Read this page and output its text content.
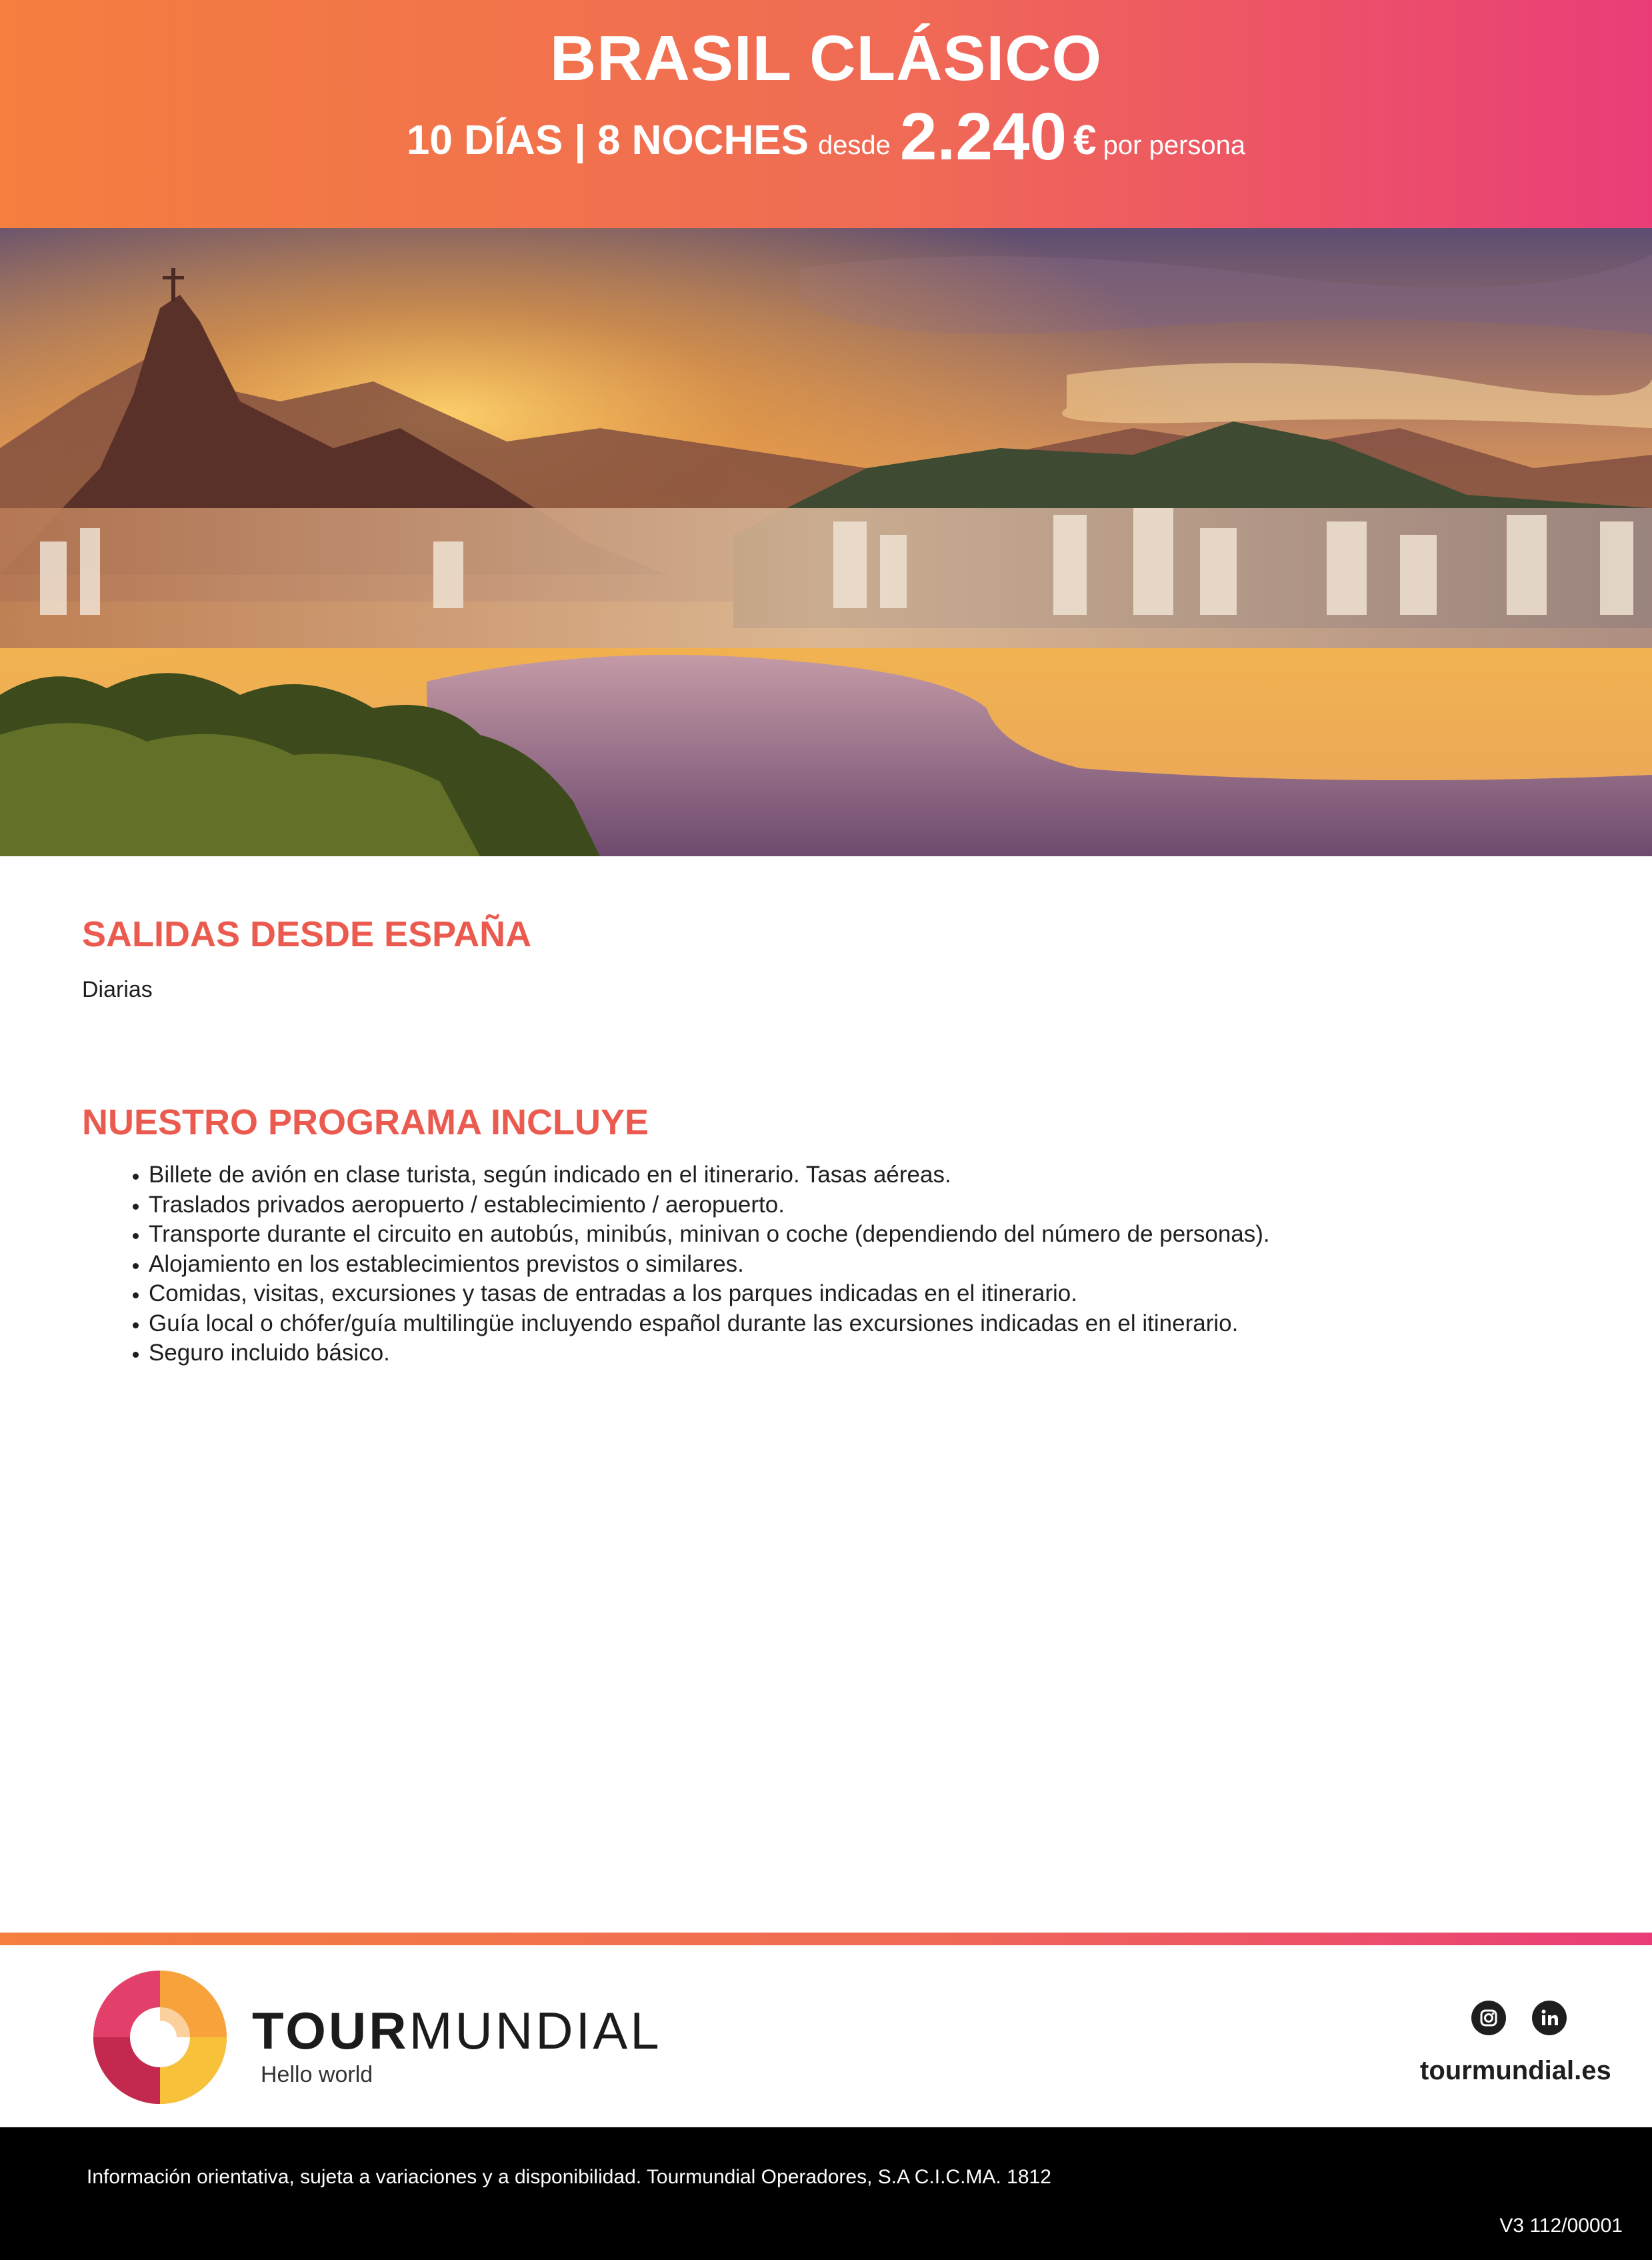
BRASIL CLÁSICO
10 DÍAS | 8 NOCHES desde 2.240 € por persona
SALIDAS DESDE ESPAÑA
Diarias
NUESTRO PROGRAMA INCLUYE
• Billete de avión en clase turista, según indicado en el itinerario. Tasas aéreas.
• Traslados privados aeropuerto / establecimiento / aeropuerto.
• Transporte durante el circuito en autobús, minibús, minivan o coche (dependiendo del número de personas).
• Alojamiento en los establecimientos previstos o similares.
• Comidas, visitas, excursiones y tasas de entradas a los parques indicadas en el itinerario.
• Guía local o chófer/guía multilingüe incluyendo español durante las excursiones indicadas en el itinerario.
• Seguro incluido básico.
TOURMUNDIAL
Hello world	tourmundial.es
Información orientativa, sujeta a variaciones y a disponibilidad. Tourmundial Operadores, S.A C.I.C.MA. 1812
V3 112/00001
